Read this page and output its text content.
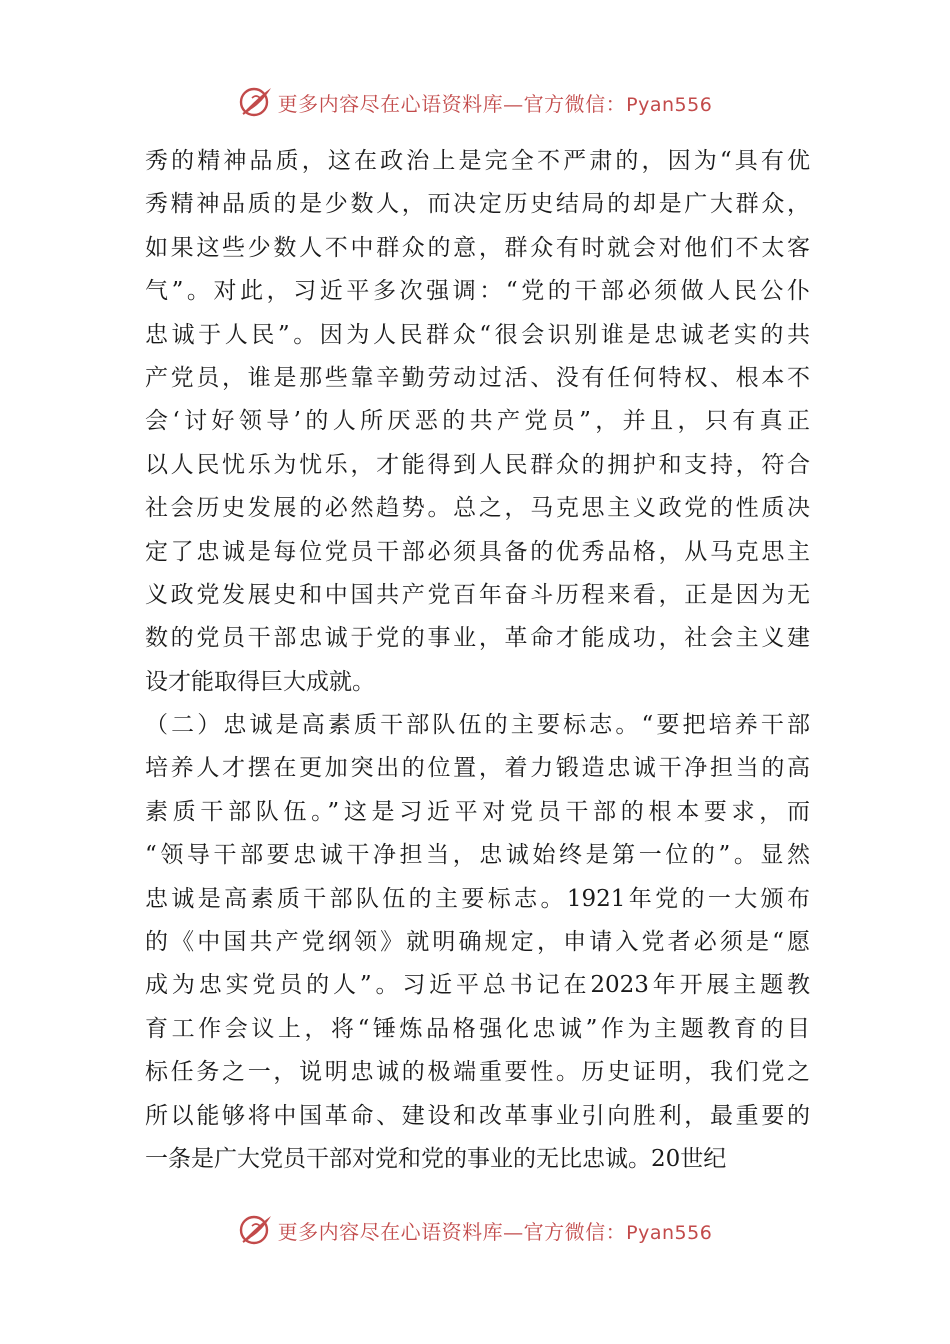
更多内容尽在心语资料库—官方微信：Pyan556
秀的精神品质，这在政治上是完全不严肃的，因为“具有优
秀精神品质的是少数人，而决定历史结局的却是广大群众，
如果这些少数人不中群众的意，群众有时就会对他们不太客
气”。对此，习近平多次强调：“党的干部必须做人民公仆
忠诚于人民”。因为人民群众“很会识别谁是忠诚老实的共
产党员，谁是那些靠辛勤劳动过活、没有任何特权、根本不
会‘讨好领导’的人所厌恶的共产党员”，并且，只有真正
以人民忧乐为忧乐，才能得到人民群众的拥护和支持，符合
社会历史发展的必然趋势。总之，马克思主义政党的性质决
定了忠诚是每位党员干部必须具备的优秀品格，从马克思主
义政党发展史和中国共产党百年奋斗历程来看，正是因为无
数的党员干部忠诚于党的事业，革命才能成功，社会主义建
设才能取得巨大成就。
（二）忠诚是高素质干部队伍的主要标志。“要把培养干部
培养人才摆在更加突出的位置，着力锻造忠诚干净担当的高
素质干部队伍。”这是习近平对党员干部的根本要求，而
“领导干部要忠诚干净担当，忠诚始终是第一位的”。显然
忠诚是高素质干部队伍的主要标志。1921年党的一大颁布
的《中国共产党纲领》就明确规定，申请入党者必须是“愿
成为忠实党员的人”。习近平总书记在2023年开展主题教
育工作会议上，将“锤炼品格强化忠诚”作为主题教育的目
标任务之一，说明忠诚的极端重要性。历史证明，我们党之
所以能够将中国革命、建设和改革事业引向胜利，最重要的
一条是广大党员干部对党和党的事业的无比忠诚。20世纪
更多内容尽在心语资料库—官方微信：Pyan556
